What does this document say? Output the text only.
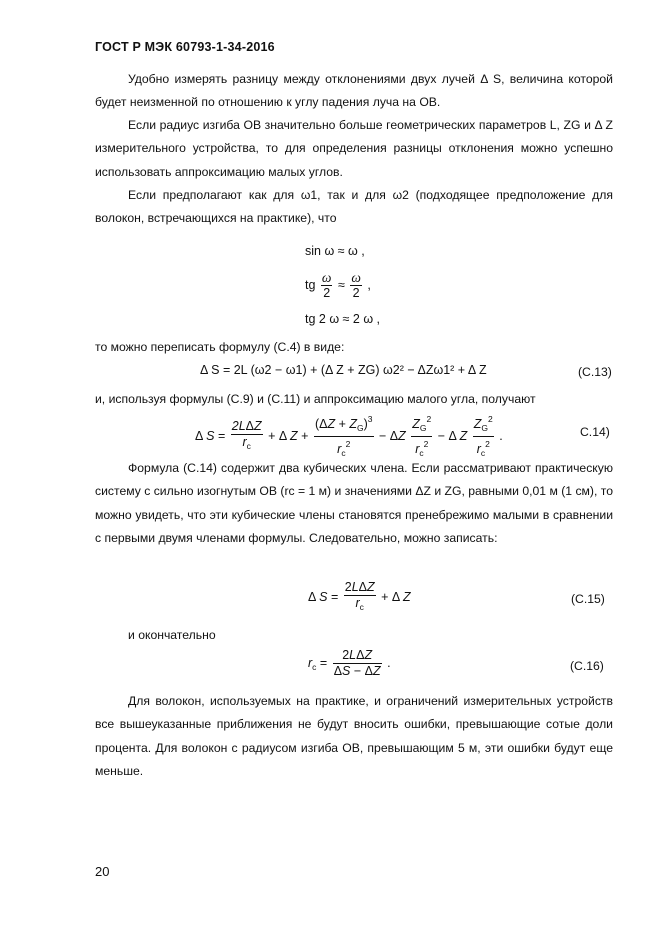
ГОСТ Р МЭК 60793-1-34-2016

Удобно измерять разницу между отклонениями двух лучей Δ S, величина которой будет неизменной по отношению к углу падения луча на ОВ.

Если радиус изгиба ОВ значительно больше геометрических параметров L, ZG и Δ Z измерительного устройства, то для определения разницы отклонения можно успешно использовать аппроксимацию малых углов.

Если предполагают как для ω1, так и для ω2 (подходящее предположение для волокон, встречающихся на практике), что

sin ω ≈ ω ,
tg $\frac{\omega}{2} \approx \frac{\omega}{2}$ ,
tg 2 ω ≈ 2 ω ,

то можно переписать формулу (С.4) в виде:

Δ S = 2L (ω2 − ω1) + (Δ Z + ZG) ω2² − ΔZω1² + Δ Z	(С.13)

и, используя формулы (С.9) и (С.11) и аппроксимацию малого угла, получают

Δ S =
2LΔZ
$r_c$
+ Δ $Z + \frac{(\Delta Z + Z_G)^3}{r_c^2} - \Delta Z \frac{Z_G^2}{r_c^2} - \Delta$ Z $\frac{Z_G^2}{r_c^2}$ .	С.14)

Формула (С.14) содержит два кубических члена. Если рассматривают практическую систему с сильно изогнутым ОВ (rc = 1 м) и значениями ΔZ и ZG, равными 0,01 м (1 см), то можно увидеть, что эти кубические члены становятся пренебрежимо малыми в сравнении с первыми двумя членами формулы. Следовательно, можно записать:

Δ S =
2LΔZ
$r_c$
+ Δ Z	(С.15)
и окончательно
$r_c$ =
2LΔZ
ΔS − ΔZ
.	(С.16)

Для волокон, используемых на практике, и ограничений измерительных устройств все вышеуказанные приближения не будут вносить ошибки, превышающие сотые доли процента. Для волокон с радиусом изгиба ОВ, превышающим 5 м, эти ошибки будут еще меньше.

20
